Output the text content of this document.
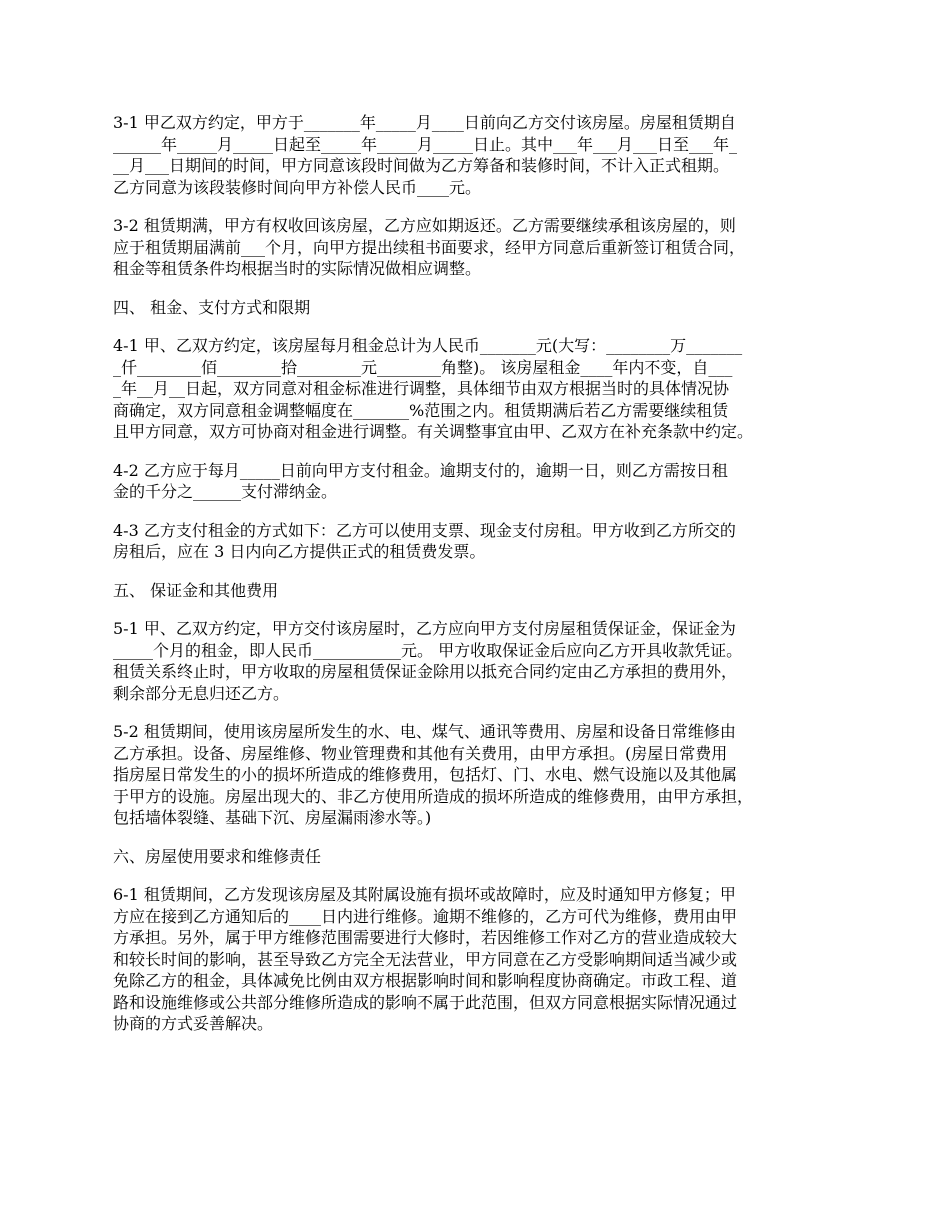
3-1 甲乙双方约定，甲方于_______年_____月____日前向乙方交付该房屋。房屋租赁期自
______年_____月_____日起至_____年_____月_____日止。其中___年___月___日至___年_
__月___日期间的时间，甲方同意该段时间做为乙方筹备和装修时间，不计入正式租期。
乙方同意为该段装修时间向甲方补偿人民币____元。
3-2 租赁期满，甲方有权收回该房屋，乙方应如期返还。乙方需要继续承租该房屋的，则
应于租赁期届满前___个月，向甲方提出续租书面要求，经甲方同意后重新签订租赁合同，
租金等租赁条件均根据当时的实际情况做相应调整。
四、 租金、支付方式和限期
4-1 甲、乙双方约定，该房屋每月租金总计为人民币_______元(大写：________万_______
_仟________佰________拾________元________角整)。 该房屋租金____年内不变，自___
_年__月__日起，双方同意对租金标准进行调整，具体细节由双方根据当时的具体情况协
商确定，双方同意租金调整幅度在_______%范围之内。租赁期满后若乙方需要继续租赁
且甲方同意，双方可协商对租金进行调整。有关调整事宜由甲、乙双方在补充条款中约定。
4-2 乙方应于每月_____日前向甲方支付租金。逾期支付的，逾期一日，则乙方需按日租
金的千分之______支付滞纳金。
4-3 乙方支付租金的方式如下：乙方可以使用支票、现金支付房租。甲方收到乙方所交的
房租后，应在 3 日内向乙方提供正式的租赁费发票。
五、 保证金和其他费用
5-1 甲、乙双方约定，甲方交付该房屋时，乙方应向甲方支付房屋租赁保证金，保证金为
_____个月的租金，即人民币___________元。 甲方收取保证金后应向乙方开具收款凭证。
租赁关系终止时，甲方收取的房屋租赁保证金除用以抵充合同约定由乙方承担的费用外，
剩余部分无息归还乙方。
5-2 租赁期间，使用该房屋所发生的水、电、煤气、通讯等费用、房屋和设备日常维修由
乙方承担。设备、房屋维修、物业管理费和其他有关费用，由甲方承担。(房屋日常费用
指房屋日常发生的小的损坏所造成的维修费用，包括灯、门、水电、燃气设施以及其他属
于甲方的设施。房屋出现大的、非乙方使用所造成的损坏所造成的维修费用，由甲方承担，
包括墙体裂缝、基础下沉、房屋漏雨渗水等。)
六、房屋使用要求和维修责任
6-1 租赁期间，乙方发现该房屋及其附属设施有损坏或故障时，应及时通知甲方修复；甲
方应在接到乙方通知后的____日内进行维修。逾期不维修的，乙方可代为维修，费用由甲
方承担。另外，属于甲方维修范围需要进行大修时，若因维修工作对乙方的营业造成较大
和较长时间的影响，甚至导致乙方完全无法营业，甲方同意在乙方受影响期间适当减少或
免除乙方的租金，具体减免比例由双方根据影响时间和影响程度协商确定。市政工程、道
路和设施维修或公共部分维修所造成的影响不属于此范围，但双方同意根据实际情况通过
协商的方式妥善解决。
